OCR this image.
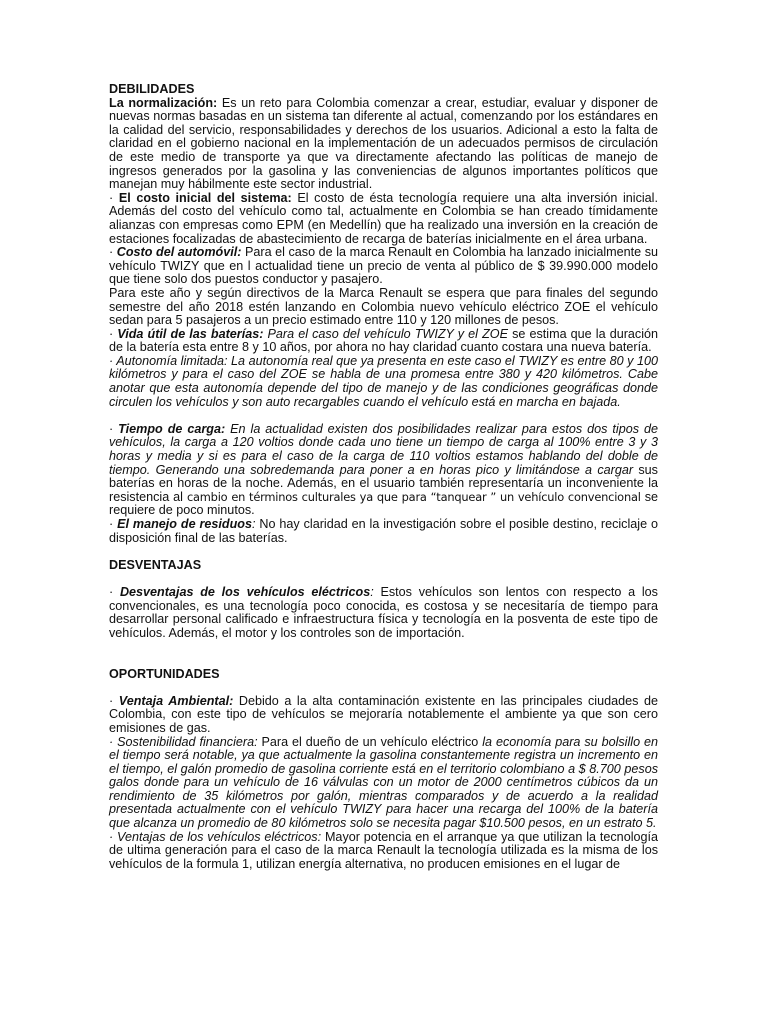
DEBILIDADES

La normalización: Es un reto para Colombia comenzar a crear, estudiar, evaluar y disponer de nuevas normas basadas en un sistema tan diferente al actual, comenzando por los estándares en la calidad del servicio, responsabilidades y derechos de los usuarios. Adicional a esto la falta de claridad en el gobierno nacional en la implementación de un adecuados permisos de circulación de este medio de transporte ya que va directamente afectando las políticas de manejo de ingresos generados por la gasolina y las conveniencias de algunos importantes políticos que manejan muy hábilmente este sector industrial.

· El costo inicial del sistema: El costo de ésta tecnología requiere una alta inversión inicial. Además del costo del vehículo como tal, actualmente en Colombia se han creado tímidamente alianzas con empresas como EPM (en Medellín) que ha realizado una inversión en la creación de estaciones focalizadas de abastecimiento de recarga de baterías inicialmente en el área urbana.

· Costo del automóvil: Para el caso de la marca Renault en Colombia ha lanzado inicialmente su vehículo TWIZY que en l actualidad tiene un precio de venta al público de $ 39.990.000 modelo que tiene solo dos puestos conductor y pasajero.

Para este año y según directivos de la Marca Renault se espera que para finales del segundo semestre del año 2018 estén lanzando en Colombia nuevo vehículo eléctrico ZOE el vehículo sedan para 5 pasajeros a un precio estimado entre 110 y 120 millones de pesos.

· Vida útil de las baterías: Para el caso del vehículo TWIZY y el ZOE se estima que la duración de la batería esta entre 8 y 10 años, por ahora no hay claridad cuanto costara una nueva batería.

· Autonomía limitada: La autonomía real que ya presenta en este caso el TWIZY es entre 80 y 100 kilómetros y para el caso del ZOE se habla de una promesa entre 380 y 420 kilómetros. Cabe anotar que esta autonomía depende del tipo de manejo y de las condiciones geográficas donde circulen los vehículos y son auto recargables cuando el vehículo está en marcha en bajada.

· Tiempo de carga: En la actualidad existen dos posibilidades realizar para estos dos tipos de vehículos, la carga a 120 voltios donde cada uno tiene un tiempo de carga al 100% entre 3 y 3 horas y media y si es para el caso de la carga de 110 voltios estamos hablando del doble de tiempo. Generando una sobredemanda para poner a en horas pico y limitándose a cargar sus baterías en horas de la noche. Además, en el usuario también representaría un inconveniente la resistencia al cambio en términos culturales ya que para “tanquear ” un vehículo convencional se requiere de poco minutos.

· El manejo de residuos: No hay claridad en la investigación sobre el posible destino, reciclaje o disposición final de las baterías.

DESVENTAJAS

· Desventajas de los vehículos eléctricos: Estos vehículos son lentos con respecto a los convencionales, es una tecnología poco conocida, es costosa y se necesitaría de tiempo para desarrollar personal calificado e infraestructura física y tecnología en la posventa de este tipo de vehículos. Además, el motor y los controles son de importación.

OPORTUNIDADES

· Ventaja Ambiental: Debido a la alta contaminación existente en las principales ciudades de Colombia, con este tipo de vehículos se mejoraría notablemente el ambiente ya que son cero emisiones de gas.

· Sostenibilidad financiera: Para el dueño de un vehículo eléctrico la economía para su bolsillo en el tiempo será notable, ya que actualmente la gasolina constantemente registra un incremento en el tiempo, el galón promedio de gasolina corriente está en el territorio colombiano a $ 8.700 pesos galos donde para un vehículo de 16 válvulas con un motor de 2000 centímetros cúbicos da un rendimiento de 35 kilómetros por galón, mientras comparados y de acuerdo a la realidad presentada actualmente con el vehículo TWIZY para hacer una recarga del 100% de la batería que alcanza un promedio de 80 kilómetros solo se necesita pagar $10.500 pesos, en un estrato 5.

· Ventajas de los vehículos eléctricos: Mayor potencia en el arranque ya que utilizan la tecnología de ultima generación para el caso de la marca Renault la tecnología utilizada es la misma de los vehículos de la formula 1, utilizan energía alternativa, no producen emisiones en el lugar de
